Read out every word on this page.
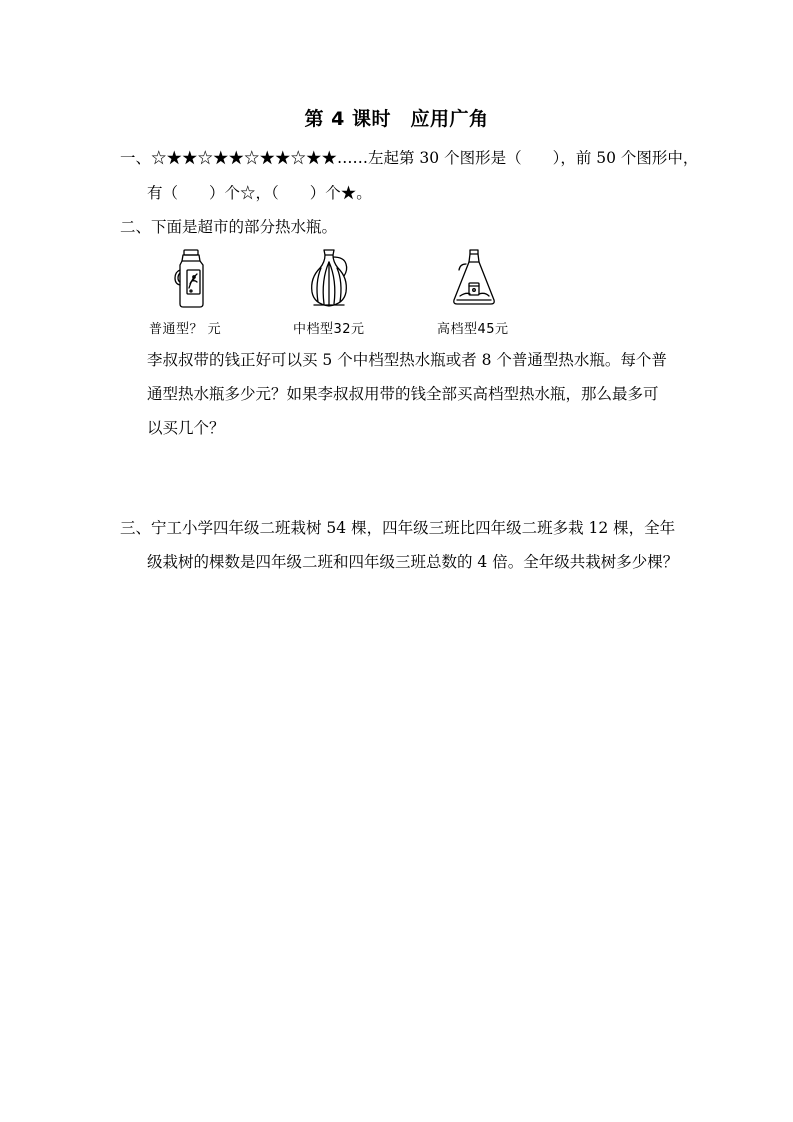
第 4 课时　应用广角
一、☆★★☆★★☆★★☆★★……左起第 30 个图形是（　　），前 50 个图形中，
有（　　）个☆，（　　）个★。
二、下面是超市的部分热水瓶。
普通型？ 元	中档型32元	高档型45元
李叔叔带的钱正好可以买 5 个中档型热水瓶或者 8 个普通型热水瓶。每个普
通型热水瓶多少元？如果李叔叔用带的钱全部买高档型热水瓶，那么最多可
以买几个？
三、宁工小学四年级二班栽树 54 棵，四年级三班比四年级二班多栽 12 棵，全年
级栽树的棵数是四年级二班和四年级三班总数的 4 倍。全年级共栽树多少棵？
